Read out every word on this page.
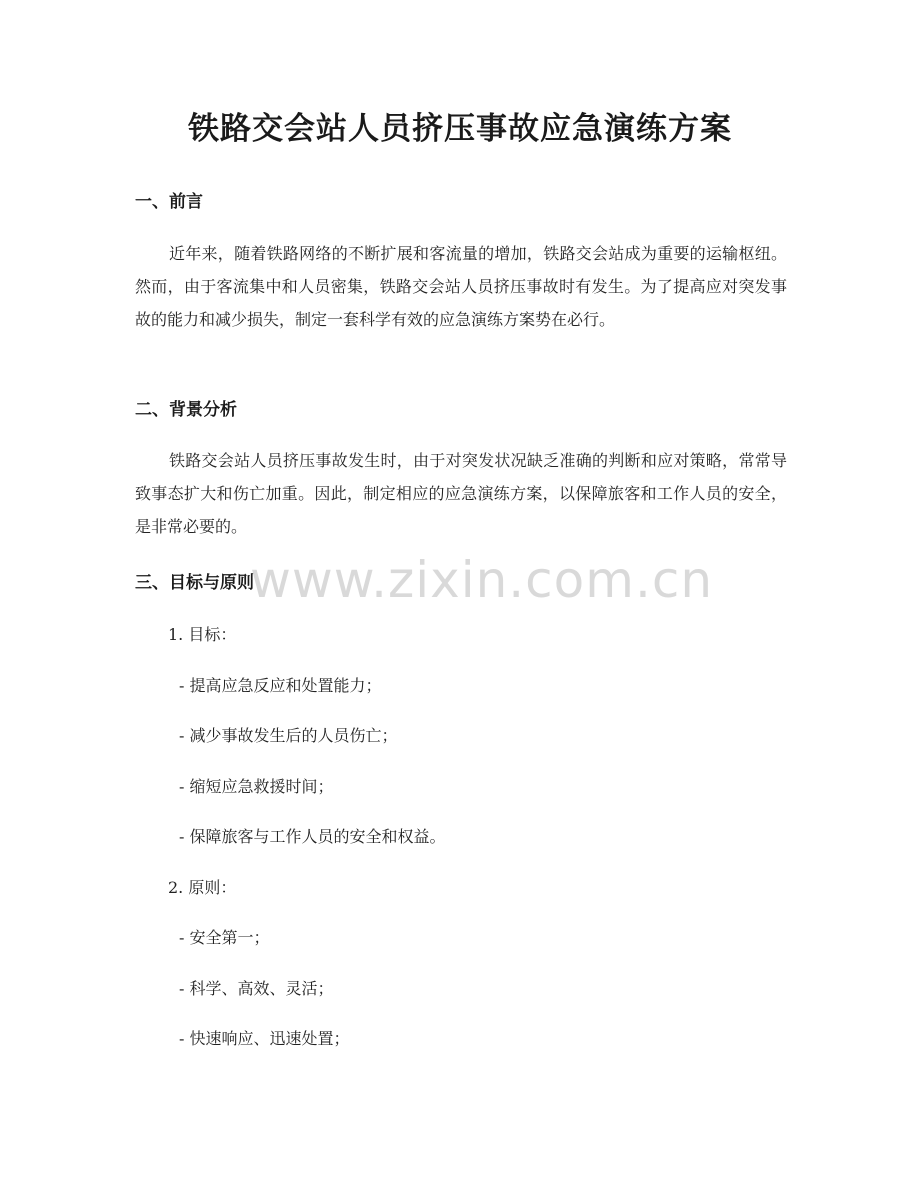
铁路交会站人员挤压事故应急演练方案
一、前言
近年来，随着铁路网络的不断扩展和客流量的增加，铁路交会站成为重要的运输枢纽。然而，由于客流集中和人员密集，铁路交会站人员挤压事故时有发生。为了提高应对突发事故的能力和减少损失，制定一套科学有效的应急演练方案势在必行。
二、背景分析
铁路交会站人员挤压事故发生时，由于对突发状况缺乏准确的判断和应对策略，常常导致事态扩大和伤亡加重。因此，制定相应的应急演练方案，以保障旅客和工作人员的安全，是非常必要的。
三、目标与原则
1. 目标：
- 提高应急反应和处置能力；
- 减少事故发生后的人员伤亡；
- 缩短应急救援时间；
- 保障旅客与工作人员的安全和权益。
2. 原则：
- 安全第一；
- 科学、高效、灵活；
- 快速响应、迅速处置；
www.zixin.com.cn
